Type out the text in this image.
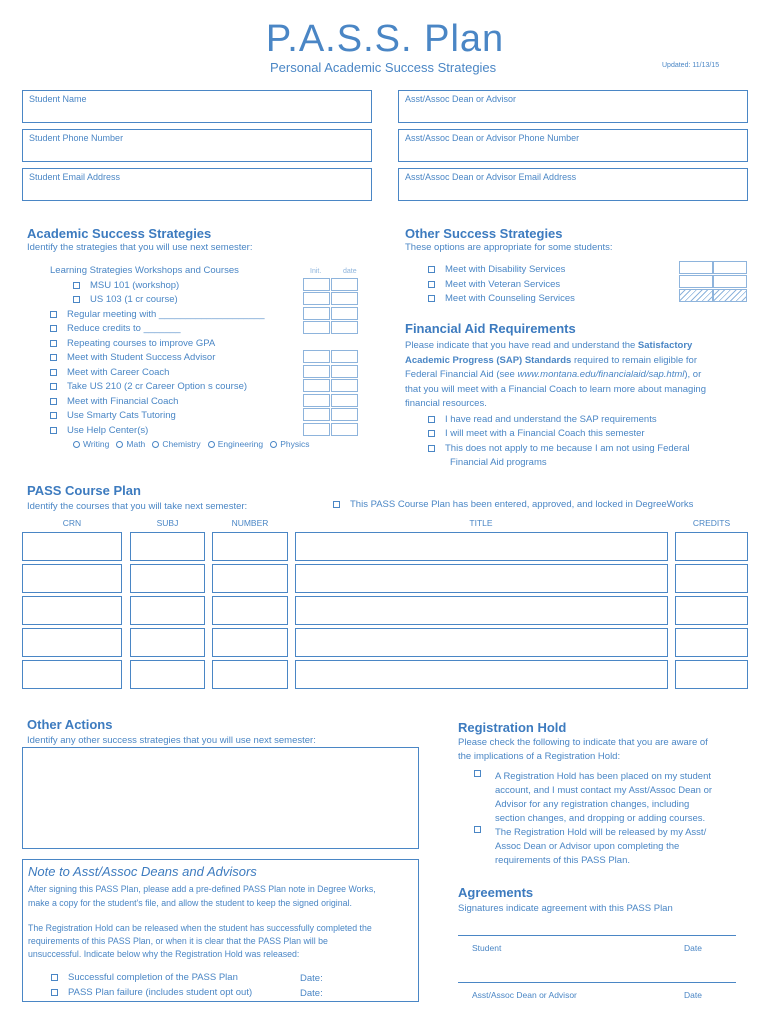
P.A.S.S. Plan
Personal Academic Success Strategies	Updated: 11/13/15
Student Name	Asst/Assoc Dean or Advisor
Student Phone Number	Asst/Assoc Dean or Advisor Phone Number
Student Email Address	Asst/Assoc Dean or Advisor Email Address
Academic Success Strategies
Identify the strategies that you will use next semester:
Init.	date
Learning Strategies Workshops and Courses
MSU 101 (workshop)
US 103 (1 cr course)
Regular meeting with ____________________
Reduce credits to _______
Repeating courses to improve GPA
Meet with Student Success Advisor
Meet with Career Coach
Take US 210 (2 cr Career Option s course)
Meet with Financial Coach
Use Smarty Cats Tutoring
Use Help Center(s)
Writing Math Chemistry Engineering Physics
Other Success Strategies
These options are appropriate for some students:
Meet with Disability Services
Meet with Veteran Services
Meet with Counseling Services
Financial Aid Requirements
Please indicate that you have read and understand the Satisfactory
Academic Progress (SAP) Standards required to remain eligible for
Federal Financial Aid (see www.montana.edu/financialaid/sap.html), or
that you will meet with a Financial Coach to learn more about managing
financial resources.
I have read and understand the SAP requirements
I will meet with a Financial Coach this semester
This does not apply to me because I am not using Federal
Financial Aid programs
PASS Course Plan
Identify the courses that you will take next semester:	This PASS Course Plan has been entered, approved, and locked in DegreeWorks
CRN	SUBJ	NUMBER	TITLE	CREDITS
Other Actions
Identify any other success strategies that you will use next semester:
Note to Asst/Assoc Deans and Advisors
After signing this PASS Plan, please add a pre-defined PASS Plan note in Degree Works,
make a copy for the student's file, and allow the student to keep the signed original.
The Registration Hold can be released when the student has successfully completed the
requirements of this PASS Plan, or when it is clear that the PASS Plan will be
unsuccessful. Indicate below why the Registration Hold was released:
Successful completion of the PASS Plan
PASS Plan failure (includes student opt out)
Date:
Date:
Registration Hold
Please check the following to indicate that you are aware of
the implications of a Registration Hold:
A Registration Hold has been placed on my student
account, and I must contact my Asst/Assoc Dean or
Advisor for any registration changes, including
section changes, and dropping or adding courses.
The Registration Hold will be released by my Asst/
Assoc Dean or Advisor upon completing the
requirements of this PASS Plan.
Agreements
Signatures indicate agreement with this PASS Plan
Student	Date
Asst/Assoc Dean or Advisor	Date
